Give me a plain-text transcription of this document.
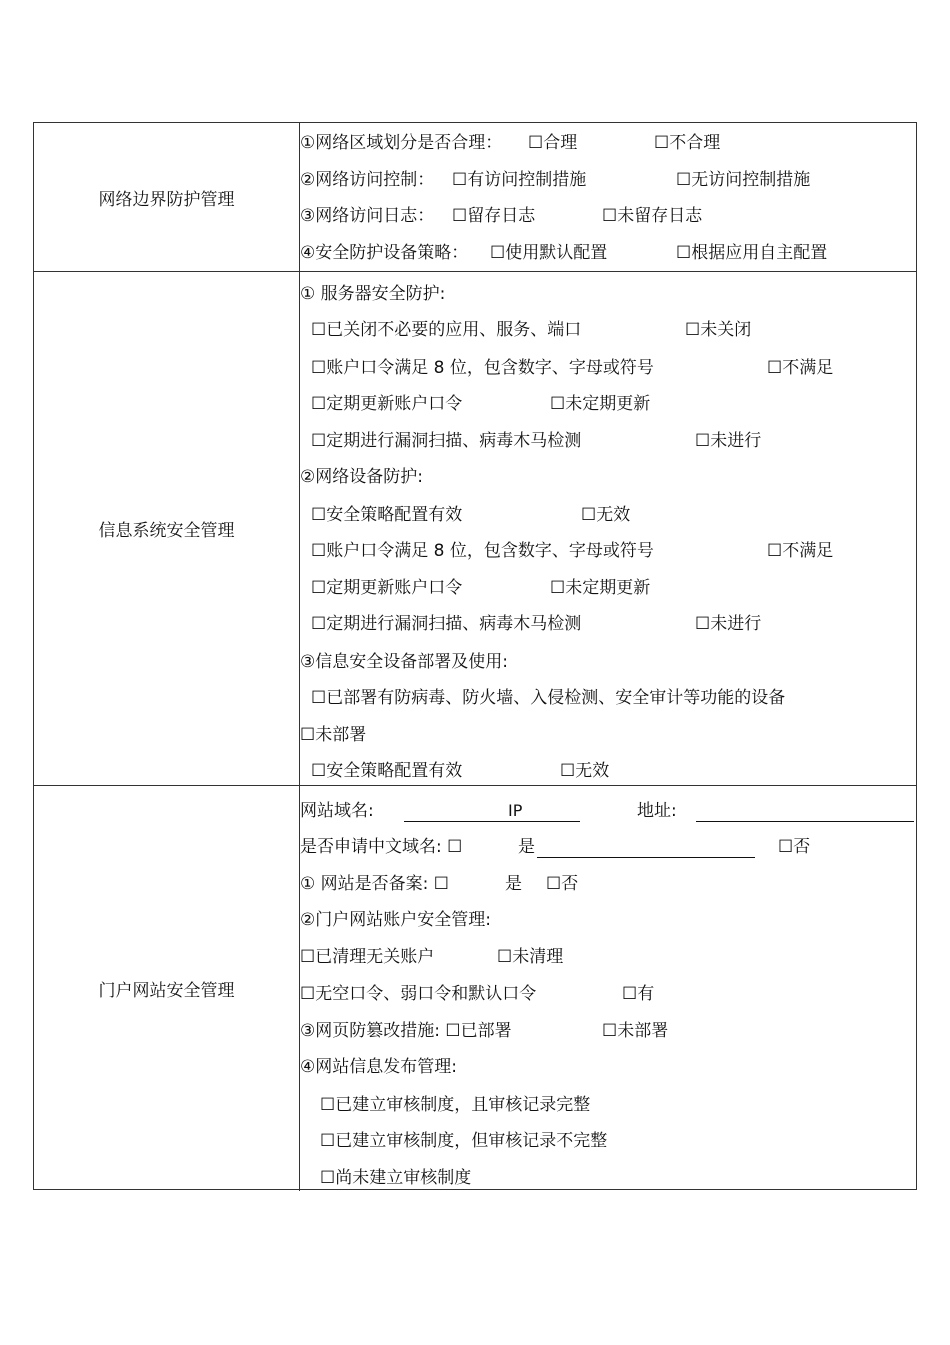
网络边界防护管理
①网络区域划分是否合理： ☐合理	☐不合理
②网络访问控制： ☐有访问控制措施	☐无访问控制措施
③网络访问日志： ☐留存日志	☐未留存日志
④安全防护设备策略： ☐使用默认配置	☐根据应用自主配置
信息系统安全管理
① 服务器安全防护:
☐已关闭不必要的应用、服务、端口	☐未关闭
☐账户口令满足 8 位，包含数字、字母或符号	☐不满足
☐定期更新账户口令	☐未定期更新
☐定期进行漏洞扫描、病毒木马检测	☐未进行
②网络设备防护:
☐安全策略配置有效	☐无效
☐账户口令满足 8 位，包含数字、字母或符号	☐不满足
☐定期更新账户口令	☐未定期更新
☐定期进行漏洞扫描、病毒木马检测	☐未进行
③信息安全设备部署及使用:
☐已部署有防病毒、防火墙、入侵检测、安全审计等功能的设备
☐未部署
☐安全策略配置有效	☐无效
门户网站安全管理
网站域名:	IP	地址:
是否申请中文域名: ☐	是	☐否
① 网站是否备案: ☐	是 ☐否
②门户网站账户安全管理:
☐已清理无关账户	☐未清理
☐无空口令、弱口令和默认口令	☐有
③网页防篡改措施: ☐已部署	☐未部署
④网站信息发布管理:
☐已建立审核制度，且审核记录完整
☐已建立审核制度，但审核记录不完整
☐尚未建立审核制度
